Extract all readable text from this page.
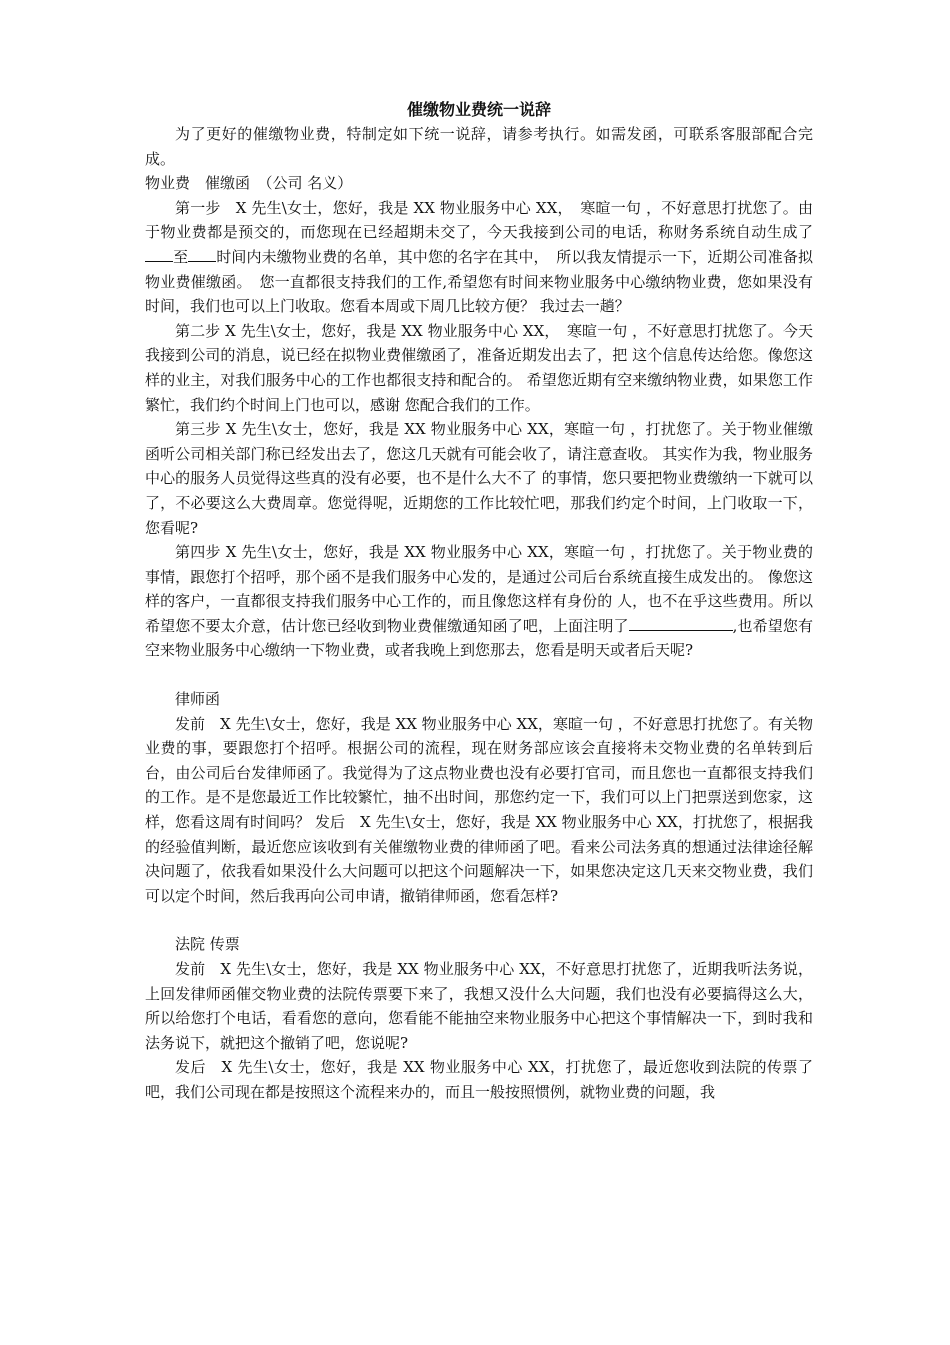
催缴物业费统一说辞

为了更好的催缴物业费，特制定如下统一说辞，请参考执行。如需发函，可联系客服部配合完成。

物业费　催缴函　（公司 名义）

第一步　X 先生\女士，您好，我是 XX 物业服务中心 XX，　寒暄一句 ，不好意思打扰您了。由于物业费都是预交的，而您现在已经超期未交了，今天我接到公司的电话，称财务系统自动生成了至 时间内未缴物业费的名单，其中您的名字在其中，　所以我友情提示一下，近期公司准备拟物业费催缴函。　您一直都很支持我们的工作,希望您有时间来物业服务中心缴纳物业费，您如果没有时间，我们也可以上门收取。您看本周或下周几比较方便？ 我过去一趟？

第二步 X 先生\女士，您好，我是 XX 物业服务中心 XX，　寒暄一句 ，不好意思打扰您了。今天我接到公司的消息，说已经在拟物业费催缴函了，准备近期发出去了，把 这个信息传达给您。像您这样的业主，对我们服务中心的工作也都很支持和配合的。 希望您近期有空来缴纳物业费，如果您工作繁忙，我们约个时间上门也可以，感谢 您配合我们的工作。

第三步 X 先生\女士，您好，我是 XX 物业服务中心 XX，寒暄一句 ，打扰您了。关于物业催缴函听公司相关部门称已经发出去了，您这几天就有可能会收了，请注意查收。 其实作为我，物业服务中心的服务人员觉得这些真的没有必要，也不是什么大不了 的事情，您只要把物业费缴纳一下就可以了，不必要这么大费周章。您觉得呢，近期您的工作比较忙吧，那我们约定个时间，上门收取一下，您看呢?

第四步 X 先生\女士，您好，我是 XX 物业服务中心 XX，寒暄一句 ，打扰您了。关于物业费的事情，跟您打个招呼，那个函不是我们服务中心发的，是通过公司后台系统直接生成发出的。 像您这样的客户，一直都很支持我们服务中心工作的，而且像您这样有身份的 人，也不在乎这些费用。所以希望您不要太介意，估计您已经收到物业费催缴通知函了吧，上面注明了	,也希望您有空来物业服务中心缴纳一下物业费，或者我晚上到您那去，您看是明天或者后天呢?

律师函

发前　X 先生\女士，您好，我是 XX 物业服务中心 XX，寒暄一句 ，不好意思打扰您了。有关物业费的事，要跟您打个招呼。根据公司的流程，现在财务部应该会直接将未交物业费的名单转到后台，由公司后台发律师函了。我觉得为了这点物业费也没有必要打官司，而且您也一直都很支持我们的工作。是不是您最近工作比较繁忙，抽不出时间，那您约定一下，我们可以上门把票送到您家，这样，您看这周有时间吗？ 发后　X 先生\女士，您好，我是 XX 物业服务中心 XX，打扰您了，根据我的经验值判断，最近您应该收到有关催缴物业费的律师函了吧。看来公司法务真的想通过法律途径解决问题了，依我看如果没什么大问题可以把这个问题解决一下，如果您决定这几天来交物业费，我们可以定个时间，然后我再向公司申请，撤销律师函，您看怎样?

法院 传票

发前　X 先生\女士，您好，我是 XX 物业服务中心 XX，不好意思打扰您了，近期我听法务说，上回发律师函催交物业费的法院传票要下来了，我想又没什么大问题，我们也没有必要搞得这么大，所以给您打个电话，看看您的意向，您看能不能抽空来物业服务中心把这个事情解决一下，到时我和法务说下，就把这个撤销了吧，您说呢?

发后　X 先生\女士，您好，我是 XX 物业服务中心 XX，打扰您了，最近您收到法院的传票了吧，我们公司现在都是按照这个流程来办的，而且一般按照惯例，就物业费的问题，我
